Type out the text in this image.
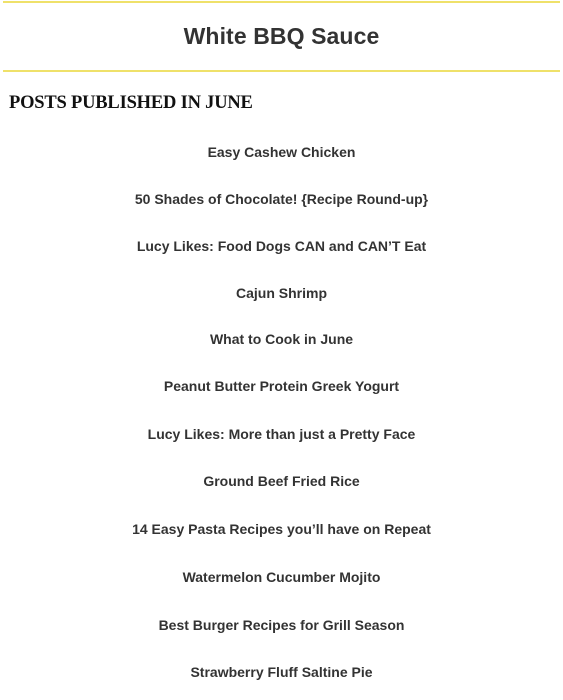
White BBQ Sauce
POSTS PUBLISHED IN JUNE
Easy Cashew Chicken
50 Shades of Chocolate! {Recipe Round-up}
Lucy Likes: Food Dogs CAN and CAN’T Eat
Cajun Shrimp
What to Cook in June
Peanut Butter Protein Greek Yogurt
Lucy Likes: More than just a Pretty Face
Ground Beef Fried Rice
14 Easy Pasta Recipes you’ll have on Repeat
Watermelon Cucumber Mojito
Best Burger Recipes for Grill Season
Strawberry Fluff Saltine Pie
